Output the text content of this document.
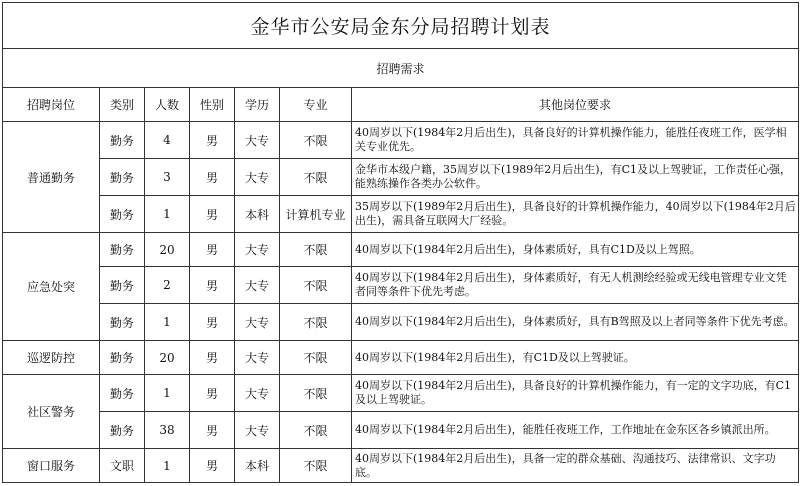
金华市公安局金东分局招聘计划表						
招聘需求						
招聘岗位	类别	人数	性别	学历	专业	其他岗位要求
普通勤务	勤务	4	男	大专	不限	40周岁以下(1984年2月后出生)，具备良好的计算机操作能力，能胜任夜班工作，医学相关专业优先。
	勤务	3	男	大专	不限	金华市本级户籍，35周岁以下(1989年2月后出生)，有C1及以上驾驶证，工作责任心强，能熟练操作各类办公软件。
	勤务	1	男	本科	计算机专业	35周岁以下(1989年2月后出生)，具备良好的计算机操作能力，40周岁以下(1984年2月后出生)，需具备互联网大厂经验。
应急处突	勤务	20	男	大专	不限	40周岁以下(1984年2月后出生)，身体素质好，具有C1D及以上驾照。
	勤务	2	男	大专	不限	40周岁以下(1984年2月后出生)，身体素质好，有无人机测绘经验或无线电管理专业文凭者同等条件下优先考虑。
	勤务	1	男	大专	不限	40周岁以下(1984年2月后出生)，身体素质好，具有B驾照及以上者同等条件下优先考虑。
巡逻防控	勤务	20	男	大专	不限	40周岁以下(1984年2月后出生)，有C1D及以上驾驶证。
社区警务	勤务	1	男	大专	不限	40周岁以下(1984年2月后出生)，具备良好的计算机操作能力，有一定的文字功底，有C1及以上驾驶证。
	勤务	38	男	大专	不限	40周岁以下(1984年2月后出生)，能胜任夜班工作，工作地址在金东区各乡镇派出所。
窗口服务	文职	1	男	本科	不限	40周岁以下(1984年2月后出生)，具备一定的群众基础、沟通技巧、法律常识、文字功底。
